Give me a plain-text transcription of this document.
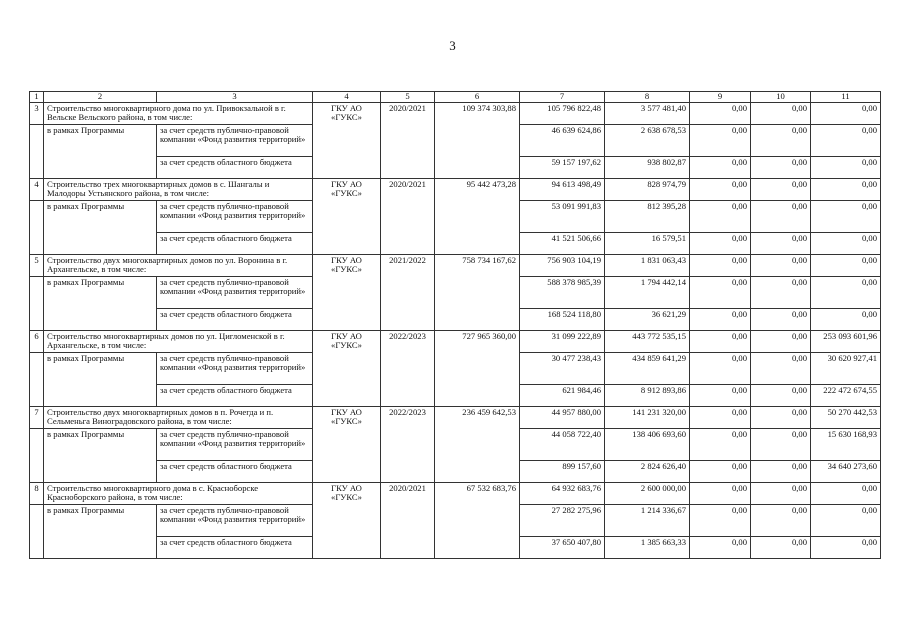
3
1	2	3	4	5	6	7	8	9	10	11
3	Строительство многоквартирного дома по ул. Привокзальной в г. Вельске Вельского района, в том числе:		ГКУ АО «ГУКС»	2020/2021	109 374 303,88	105 796 822,48	3 577 481,40	0,00	0,00	0,00
	в рамках Программы	за счет средств публично-правовой компании «Фонд развития территорий»				46 639 624,86	2 638 678,53	0,00	0,00	0,00
		за счет средств областного бюджета				59 157 197,62	938 802,87	0,00	0,00	0,00
4	Строительство трех многоквартирных домов в с. Шангалы и Малодоры Устьянского района, в том числе:		ГКУ АО «ГУКС»	2020/2021	95 442 473,28	94 613 498,49	828 974,79	0,00	0,00	0,00
	в рамках Программы	за счет средств публично-правовой компании «Фонд развития территорий»				53 091 991,83	812 395,28	0,00	0,00	0,00
		за счет средств областного бюджета				41 521 506,66	16 579,51	0,00	0,00	0,00
5	Строительство двух многоквартирных домов по ул. Воронина в г. Архангельске, в том числе:		ГКУ АО «ГУКС»	2021/2022	758 734 167,62	756 903 104,19	1 831 063,43	0,00	0,00	0,00
	в рамках Программы	за счет средств публично-правовой компании «Фонд развития территорий»				588 378 985,39	1 794 442,14	0,00	0,00	0,00
		за счет средств областного бюджета				168 524 118,80	36 621,29	0,00	0,00	0,00
6	Строительство многоквартирных домов по ул. Цигломенской в г. Архангельске, в том числе:		ГКУ АО «ГУКС»	2022/2023	727 965 360,00	31 099 222,89	443 772 535,15	0,00	0,00	253 093 601,96
	в рамках Программы	за счет средств публично-правовой компании «Фонд развития территорий»				30 477 238,43	434 859 641,29	0,00	0,00	30 620 927,41
		за счет средств областного бюджета				621 984,46	8 912 893,86	0,00	0,00	222 472 674,55
7	Строительство двух многоквартирных домов в п. Рочегда и п. Сельменьга Виноградовского района, в том числе:		ГКУ АО «ГУКС»	2022/2023	236 459 642,53	44 957 880,00	141 231 320,00	0,00	0,00	50 270 442,53
	в рамках Программы	за счет средств публично-правовой компании «Фонд развития территорий»				44 058 722,40	138 406 693,60	0,00	0,00	15 630 168,93
		за счет средств областного бюджета				899 157,60	2 824 626,40	0,00	0,00	34 640 273,60
8	Строительство многоквартирного дома в с. Красноборске Красноборского района, в том числе:		ГКУ АО «ГУКС»	2020/2021	67 532 683,76	64 932 683,76	2 600 000,00	0,00	0,00	0,00
	в рамках Программы	за счет средств публично-правовой компании «Фонд развития территорий»				27 282 275,96	1 214 336,67	0,00	0,00	0,00
		за счет средств областного бюджета				37 650 407,80	1 385 663,33	0,00	0,00	0,00
